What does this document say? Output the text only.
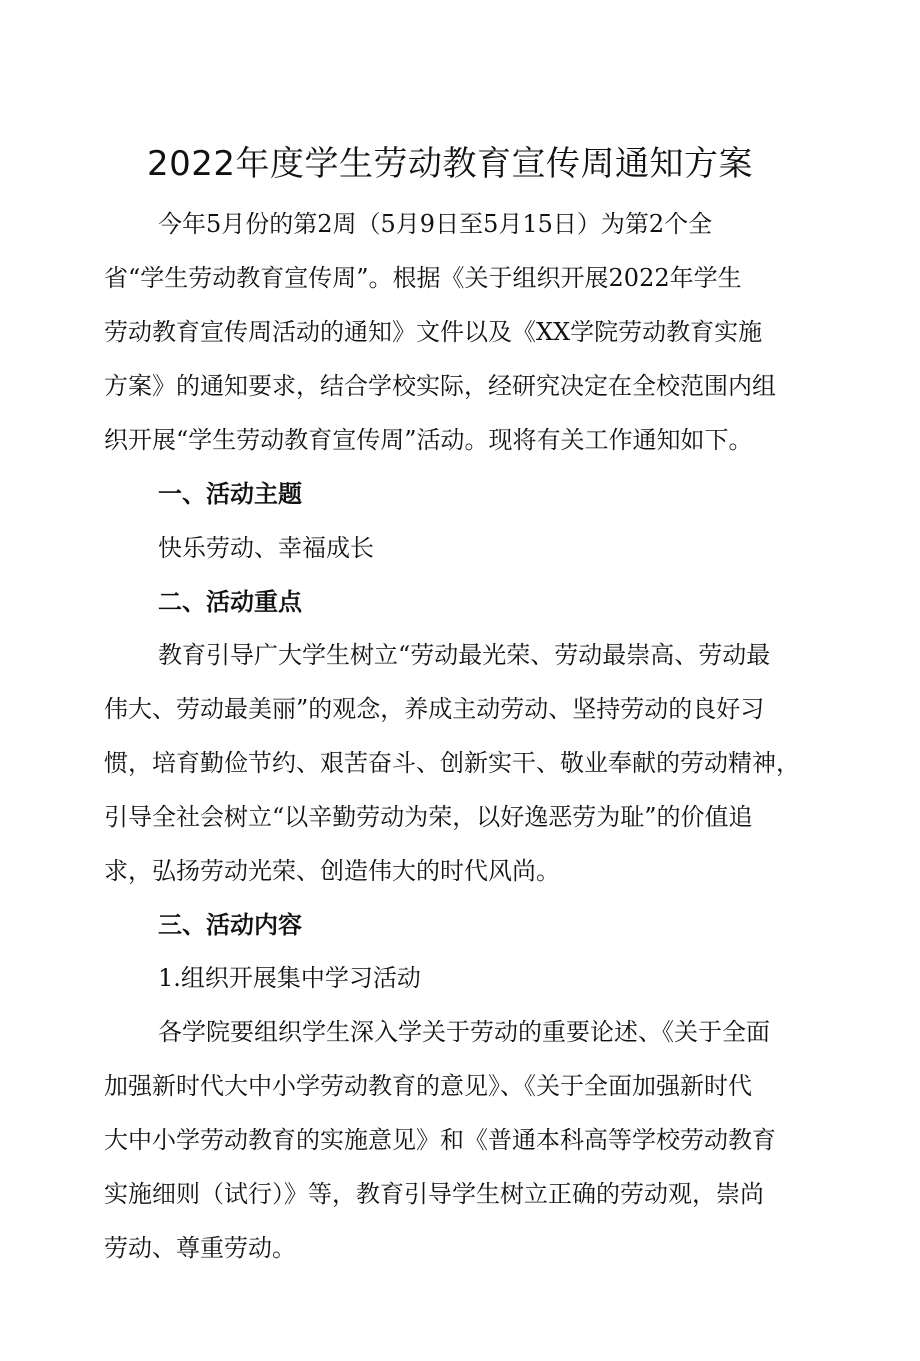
2022年度学生劳动教育宣传周通知方案

今年5月份的第2周（5月9日至5月15日）为第2个全

省“学生劳动教育宣传周”。根据《关于组织开展2022年学生

劳动教育宣传周活动的通知》文件以及《XX学院劳动教育实施

方案》的通知要求，结合学校实际，经研究决定在全校范围内组

织开展“学生劳动教育宣传周”活动。现将有关工作通知如下。

一、活动主题

快乐劳动、幸福成长

二、活动重点

教育引导广大学生树立“劳动最光荣、劳动最崇高、劳动最

伟大、劳动最美丽”的观念，养成主动劳动、坚持劳动的良好习

惯，培育勤俭节约、艰苦奋斗、创新实干、敬业奉献的劳动精神，

引导全社会树立“以辛勤劳动为荣，以好逸恶劳为耻”的价值追

求，弘扬劳动光荣、创造伟大的时代风尚。

三、活动内容

1.组织开展集中学习活动

各学院要组织学生深入学关于劳动的重要论述、《关于全面

加强新时代大中小学劳动教育的意见》、《关于全面加强新时代

大中小学劳动教育的实施意见》和《普通本科高等学校劳动教育

实施细则（试行）》等，教育引导学生树立正确的劳动观，崇尚

劳动、尊重劳动。
